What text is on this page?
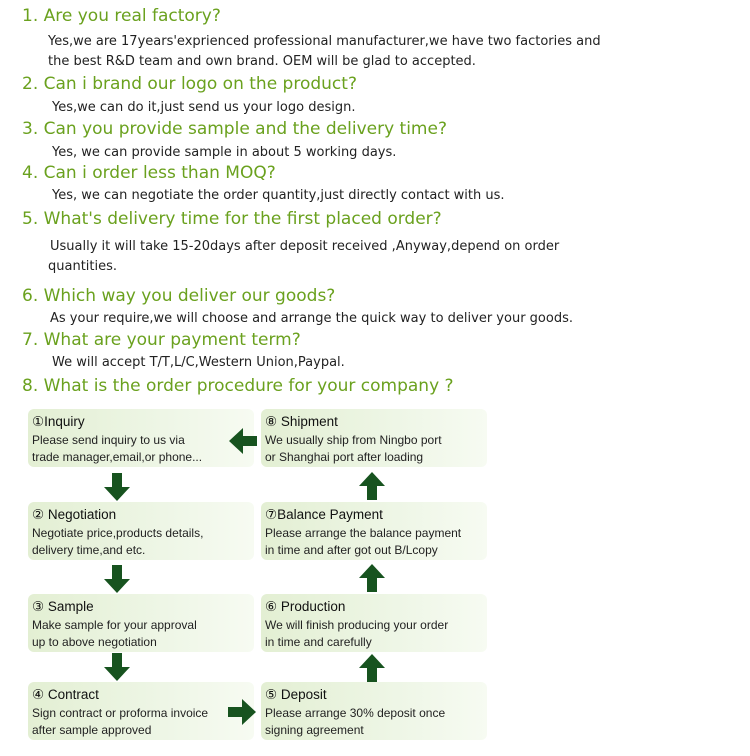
1. Are you real factory?

Yes,we are 17years'exprienced professional manufacturer,we have two factories and the best R&D team and own brand. OEM will be glad to accepted.

2. Can i brand our logo on the product?

Yes,we can do it,just send us your logo design.

3. Can you provide sample and the delivery time?

Yes, we can provide sample in about 5 working days.

4. Can i order less than MOQ?

Yes, we can negotiate the order quantity,just directly contact with us.

5. What's delivery time for the first placed order?

Usually it will take 15-20days after deposit received ,Anyway,depend on order quantities.

6. Which way you deliver our goods?

As your require,we will choose and arrange the quick way to deliver your goods.

7. What are your payment term?

We will accept T/T,L/C,Western Union,Paypal.

8. What is the order procedure for your company ?
①Inquiry
Please send inquiry to us via
trade manager,email,or phone...
② Negotiation
Negotiate price,products details,
delivery time,and etc.
③ Sample
Make sample for your approval
up to above negotiation
④ Contract
Sign contract or proforma invoice
after sample approved
⑤ Deposit
Please arrange 30% deposit once
signing agreement
⑥ Production
We will finish producing your order
in time and carefully
⑦Balance Payment
Please arrange the balance payment
in time and after got out B/Lcopy
⑧ Shipment
We usually ship from Ningbo port
or Shanghai port after loading
